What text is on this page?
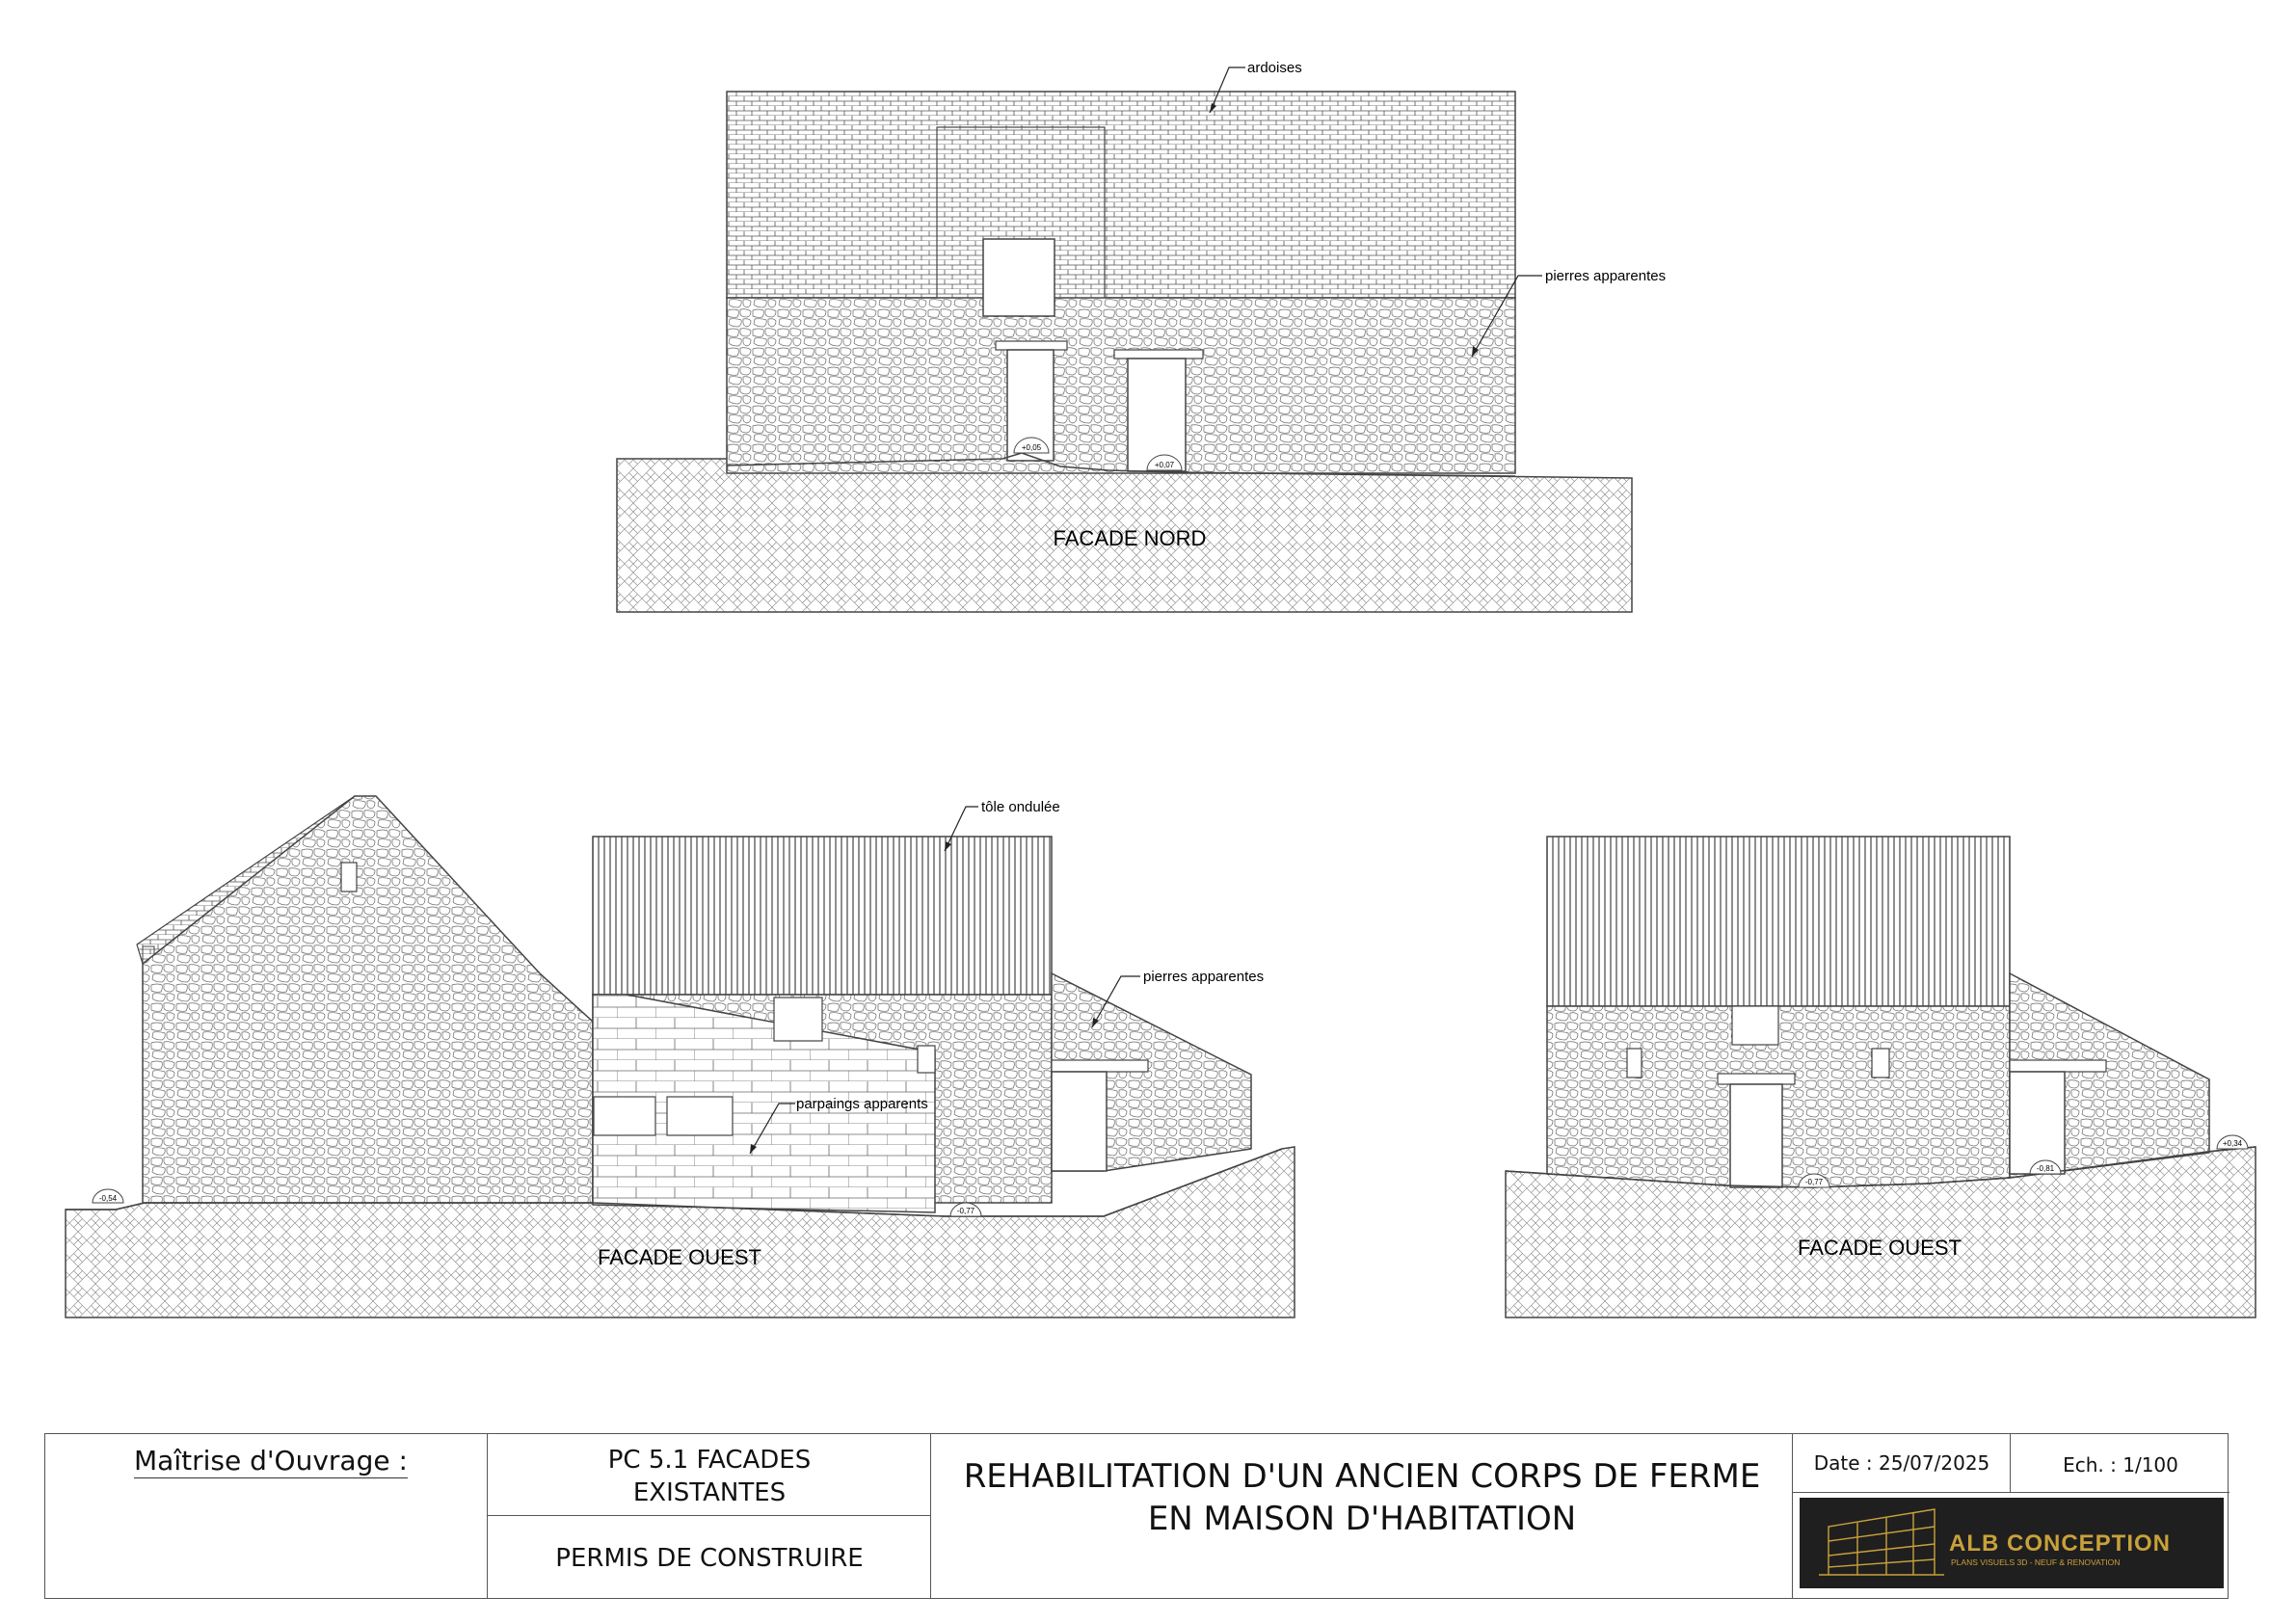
+0,05
+0,07
ardoises
pierres apparentes
FACADE NORD
-0,54
-0,77
tôle ondulée
pierres apparentes
parpaings apparents
FACADE OUEST
-0,77
-0,81
+0,34
FACADE OUEST
Maîtrise d'Ouvrage :	PC 5.1 FACADES
EXISTANTES
PERMIS DE CONSTRUIRE
REHABILITATION D'UN ANCIEN CORPS DE FERME
EN MAISON D'HABITATION
Date : 25/07/2025	Ech. : 1/100
ALB CONCEPTION
PLANS VISUELS 3D - NEUF & RENOVATION
